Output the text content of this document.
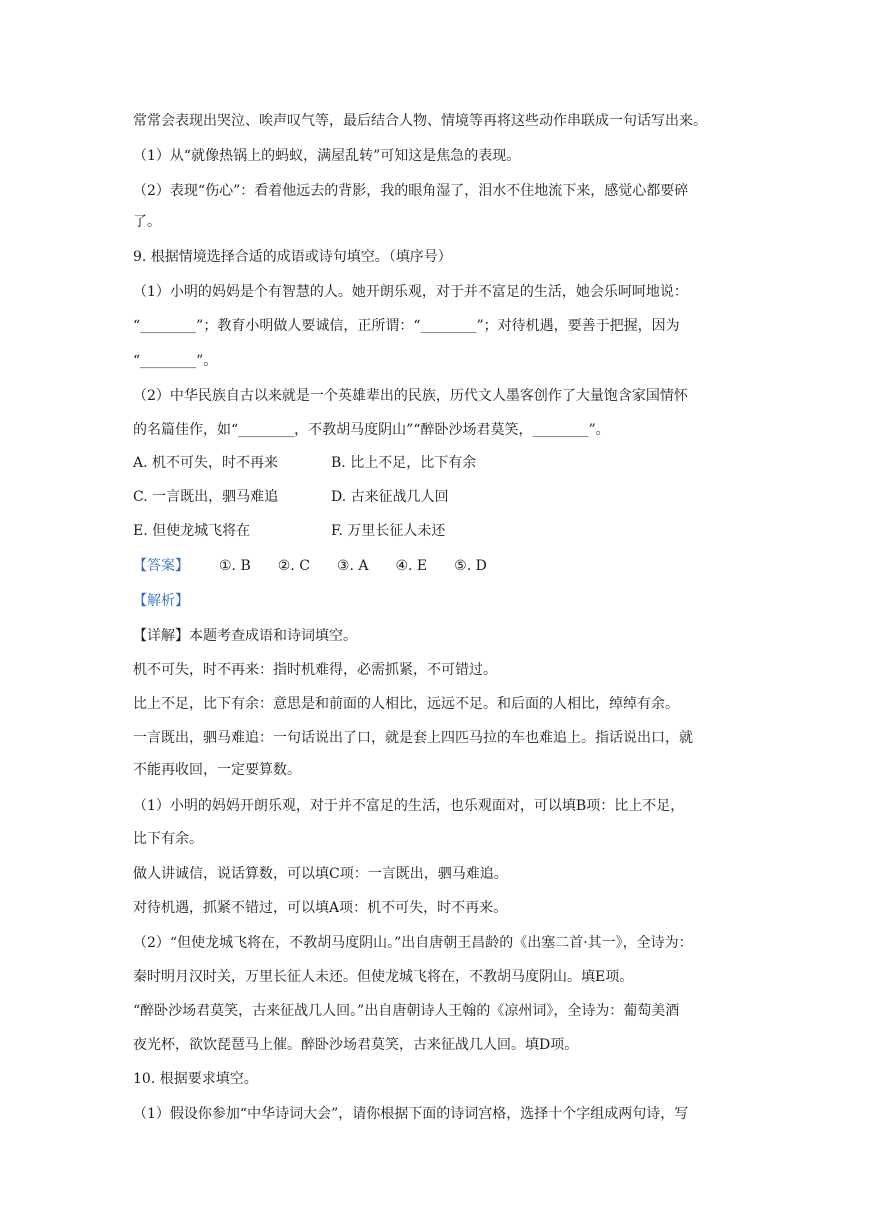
常常会表现出哭泣、唉声叹气等，最后结合人物、情境等再将这些动作串联成一句话写出来。
（1）从“就像热锅上的蚂蚁，满屋乱转”可知这是焦急的表现。
（2）表现“伤心”：看着他远去的背影，我的眼角湿了，泪水不住地流下来，感觉心都要碎
了。
9. 根据情境选择合适的成语或诗句填空。（填序号）
（1）小明的妈妈是个有智慧的人。她开朗乐观，对于并不富足的生活，她会乐呵呵地说：
“________”；教育小明做人要诚信，正所谓：“________”；对待机遇，要善于把握，因为
“________”。
（2）中华民族自古以来就是一个英雄辈出的民族，历代文人墨客创作了大量饱含家国情怀
的名篇佳作，如“________，不教胡马度阴山”“醉卧沙场君莫笑，________”。
A. 机不可失，时不再来	B. 比上不足，比下有余
C. 一言既出，驷马难追	D. 古来征战几人回
E. 但使龙城飞将在	F. 万里长征人未还
【答案】 ①. B ②. C ③. A ④. E ⑤. D
【解析】
【详解】本题考查成语和诗词填空。
机不可失，时不再来：指时机难得，必需抓紧，不可错过。
比上不足，比下有余：意思是和前面的人相比，远远不足。和后面的人相比，绰绰有余。
一言既出，驷马难追：一句话说出了口，就是套上四匹马拉的车也难追上。指话说出口，就
不能再收回，一定要算数。
（1）小明的妈妈开朗乐观，对于并不富足的生活，也乐观面对，可以填B项：比上不足，
比下有余。
做人讲诚信，说话算数，可以填C项：一言既出，驷马难追。
对待机遇，抓紧不错过，可以填A项：机不可失，时不再来。
（2）“但使龙城飞将在，不教胡马度阴山。”出自唐朝王昌龄的《出塞二首·其一》，全诗为：
秦时明月汉时关，万里长征人未还。但使龙城飞将在，不教胡马度阴山。填E项。
“醉卧沙场君莫笑，古来征战几人回。”出自唐朝诗人王翰的《凉州词》，全诗为：葡萄美酒
夜光杯，欲饮琵琶马上催。醉卧沙场君莫笑，古来征战几人回。填D项。
10. 根据要求填空。
（1）假设你参加“中华诗词大会”，请你根据下面的诗词宫格，选择十个字组成两句诗，写
